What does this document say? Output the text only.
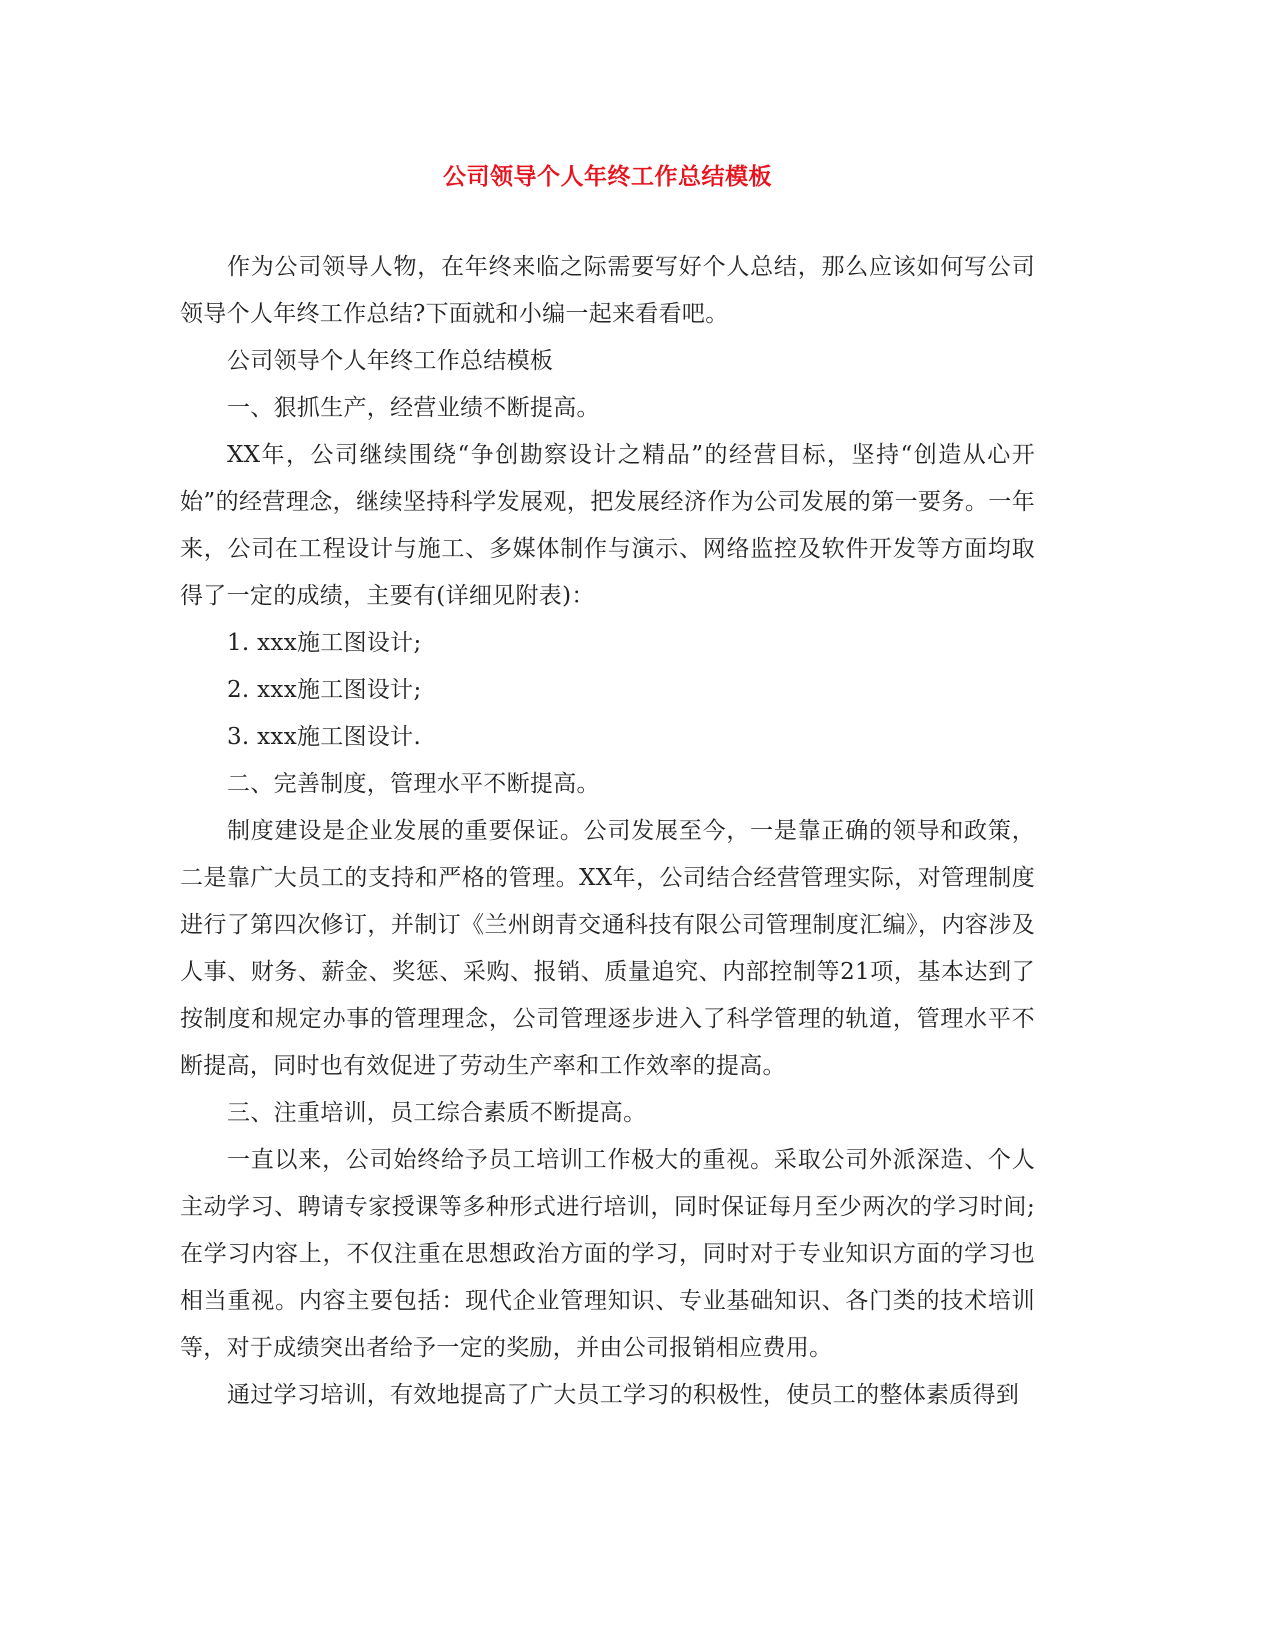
公司领导个人年终工作总结模板

作为公司领导人物，在年终来临之际需要写好个人总结，那么应该如何写公司领导个人年终工作总结?下面就和小编一起来看看吧。

公司领导个人年终工作总结模板

一、狠抓生产，经营业绩不断提高。

XX年，公司继续围绕“争创勘察设计之精品”的经营目标，坚持“创造从心开始”的经营理念，继续坚持科学发展观，把发展经济作为公司发展的第一要务。一年来，公司在工程设计与施工、多媒体制作与演示、网络监控及软件开发等方面均取得了一定的成绩，主要有(详细见附表)：

1. xxx施工图设计;

2. xxx施工图设计;

3. xxx施工图设计.

二、完善制度，管理水平不断提高。

制度建设是企业发展的重要保证。公司发展至今，一是靠正确的领导和政策，二是靠广大员工的支持和严格的管理。XX年，公司结合经营管理实际，对管理制度进行了第四次修订，并制订《兰州朗青交通科技有限公司管理制度汇编》，内容涉及人事、财务、薪金、奖惩、采购、报销、质量追究、内部控制等21项，基本达到了按制度和规定办事的管理理念，公司管理逐步进入了科学管理的轨道，管理水平不断提高，同时也有效促进了劳动生产率和工作效率的提高。

三、注重培训，员工综合素质不断提高。

一直以来，公司始终给予员工培训工作极大的重视。采取公司外派深造、个人主动学习、聘请专家授课等多种形式进行培训，同时保证每月至少两次的学习时间;在学习内容上，不仅注重在思想政治方面的学习，同时对于专业知识方面的学习也相当重视。内容主要包括：现代企业管理知识、专业基础知识、各门类的技术培训等，对于成绩突出者给予一定的奖励，并由公司报销相应费用。

通过学习培训，有效地提高了广大员工学习的积极性，使员工的整体素质得到
